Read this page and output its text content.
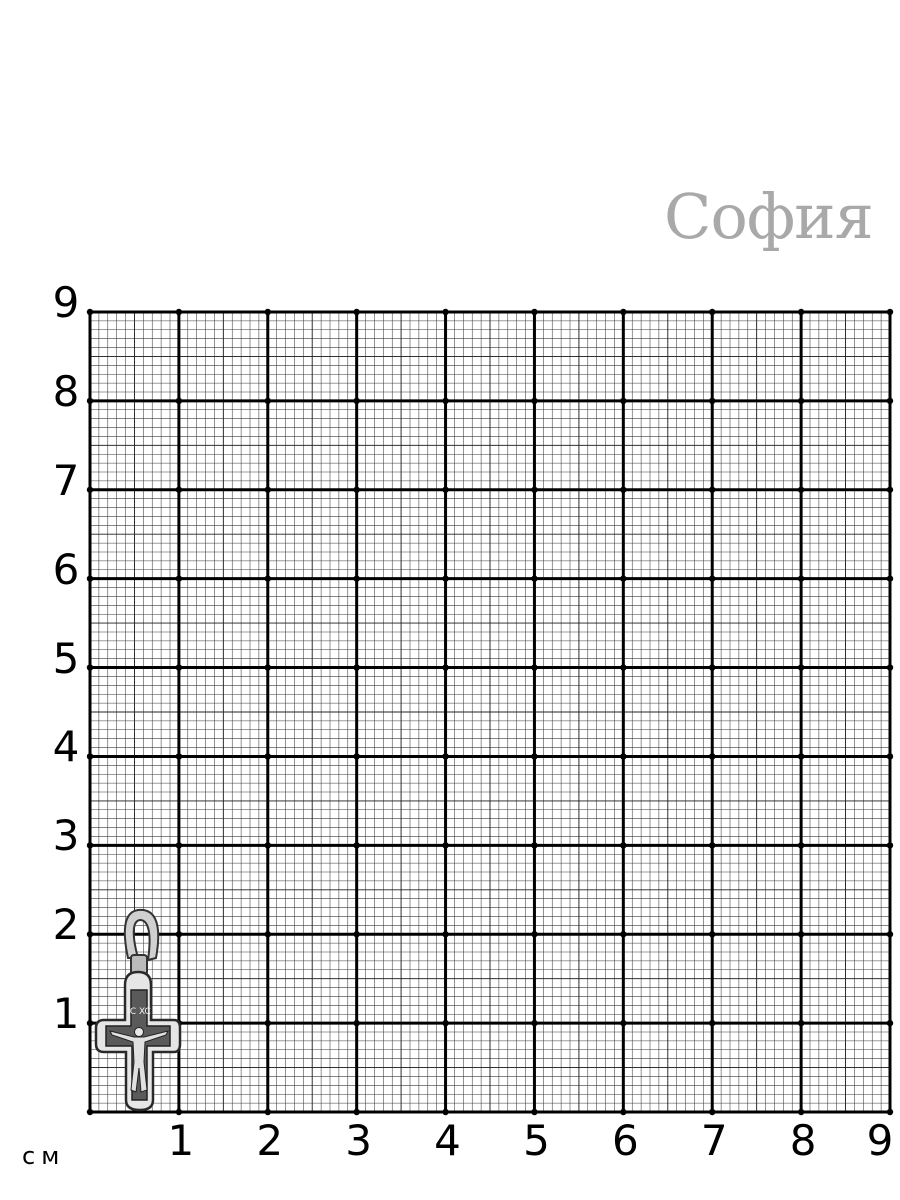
София
IC XC
1
2
3
4
5
6
7
8
9
1 2 3 4 5 6 7 8 9
см
